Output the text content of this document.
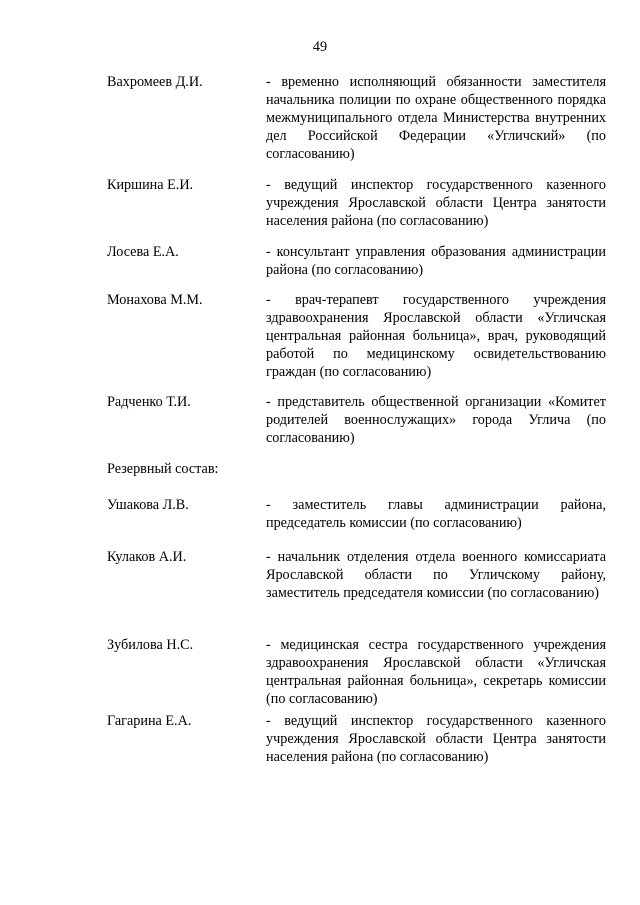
49
Вахромеев Д.И.	- временно исполняющий обязанности заместителя начальника полиции по охране общественного порядка межмуниципального отдела Министерства внутренних дел Российской Федерации «Угличский» (по согласованию)
Киршина Е.И.	- ведущий инспектор государственного казенного учреждения Ярославской области Центра занятости населения района (по согласованию)
Лосева Е.А.	- консультант управления образования администрации района (по согласованию)
Монахова М.М.	- врач-терапевт государственного учреждения здравоохранения Ярославской области «Угличская центральная районная больница», врач, руководящий работой по медицинскому освидетельствованию граждан (по согласованию)
Радченко Т.И.	- представитель общественной организации «Комитет родителей военнослужащих» города Углича (по согласованию)
Резервный состав:
Ушакова Л.В.	- заместитель главы администрации района, председатель комиссии (по согласованию)
Кулаков А.И.	- начальник отделения отдела военного комиссариата Ярославской области по Угличскому району, заместитель председателя комиссии (по согласованию)
Зубилова Н.С.	- медицинская сестра государственного учреждения здравоохранения Ярославской области «Угличская центральная районная больница», секретарь комиссии (по согласованию)
Гагарина Е.А.	- ведущий инспектор государственного казенного учреждения Ярославской области Центра занятости населения района (по согласованию)
